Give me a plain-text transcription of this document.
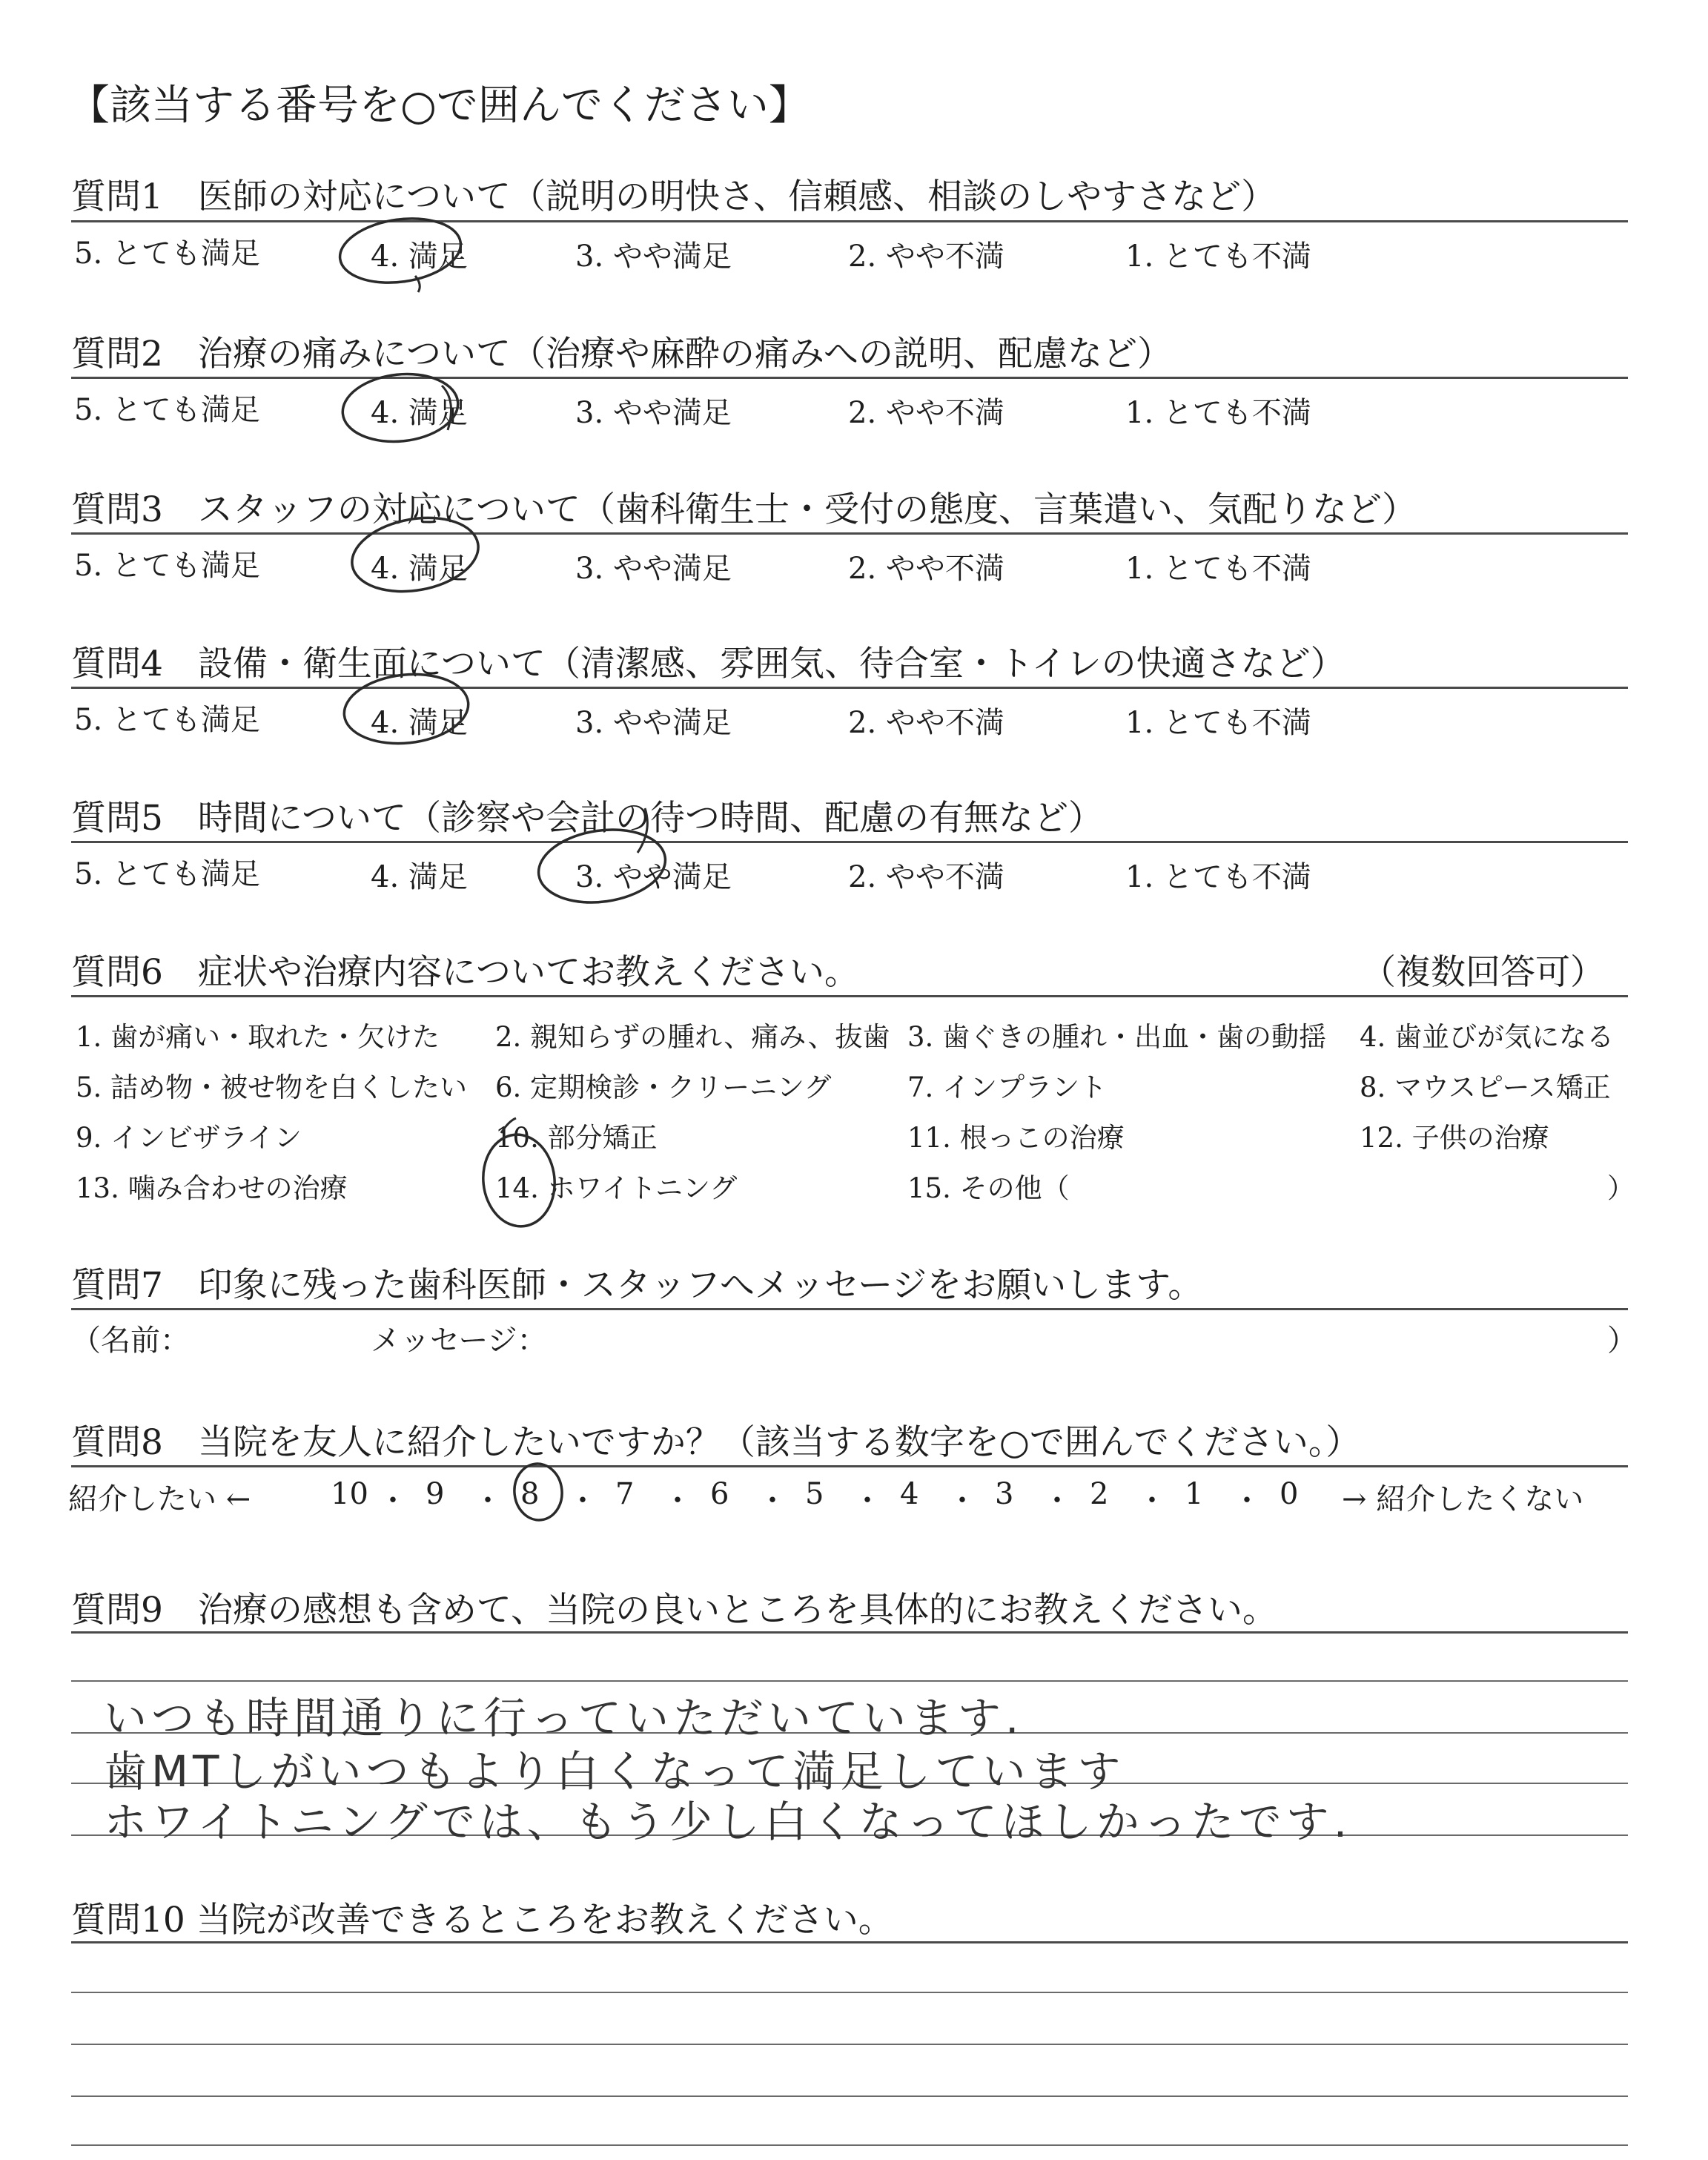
【該当する番号を○で囲んでください】
質問1　医師の対応について（説明の明快さ、信頼感、相談のしやすさなど）
5. とても満足	4. 満足	3. やや満足	2. やや不満	1. とても不満
質問2　治療の痛みについて（治療や麻酔の痛みへの説明、配慮など）
5. とても満足	4. 満足	3. やや満足	2. やや不満	1. とても不満
質問3　スタッフの対応について（歯科衛生士・受付の態度、言葉遣い、気配りなど）
5. とても満足	4. 満足	3. やや満足	2. やや不満	1. とても不満
質問4　設備・衛生面について（清潔感、雰囲気、待合室・トイレの快適さなど）
5. とても満足	4. 満足	3. やや満足	2. やや不満	1. とても不満
質問5　時間について（診察や会計の待つ時間、配慮の有無など）
5. とても満足	4. 満足	3. やや満足	2. やや不満	1. とても不満
質問6　症状や治療内容についてお教えください。	（複数回答可）
1. 歯が痛い・取れた・欠けた 2. 親知らずの腫れ、痛み、抜歯 3. 歯ぐきの腫れ・出血・歯の動揺 4. 歯並びが気になる
5. 詰め物・被せ物を白くしたい 6. 定期検診・クリーニング	7. インプラント	8. マウスピース矯正
9. インビザライン	10. 部分矯正	11. 根っこの治療	12. 子供の治療
13. 噛み合わせの治療	14. ホワイトニング	15. その他（	）
質問7　印象に残った歯科医師・スタッフへメッセージをお願いします。
（名前：	メッセージ：	）
質問8　当院を友人に紹介したいですか？（該当する数字を○で囲んでください。）
紹介したい ←	→ 紹介したくない
10 ・ 9 ・ 8 ・ 7 ・ 6 ・ 5 ・ 4 ・ 3 ・ 2 ・ 1 ・ 0
質問9　治療の感想も含めて、当院の良いところを具体的にお教えください。
いつも時間通りに行っていただいています.
歯MTしがいつもより白くなって満足しています
ホワイトニングでは、もう少し白くなってほしかったです.
質問10 当院が改善できるところをお教えください。
